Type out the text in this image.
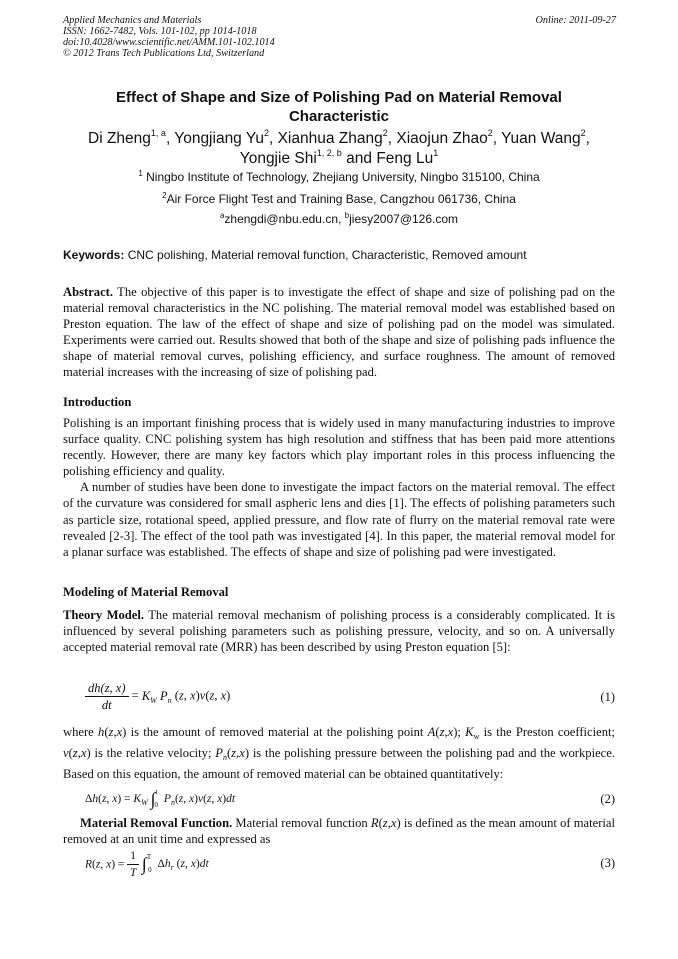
Applied Mechanics and Materials
ISSN: 1662-7482, Vols. 101-102, pp 1014-1018
doi:10.4028/www.scientific.net/AMM.101-102.1014
© 2012 Trans Tech Publications Ltd, Switzerland
Online: 2011-09-27
Effect of Shape and Size of Polishing Pad on Material Removal
Characteristic
Di Zheng$^{1, a}$, Yongjiang Yu$^2$, Xianhua Zhang$^2$, Xiaojun Zhao$^2$, Yuan Wang$^2$,
Yongjie Shi$^{1, 2, b}$ and Feng Lu$^1$
$^1$ Ningbo Institute of Technology, Zhejiang University, Ningbo 315100, China
$^2$Air Force Flight Test and Training Base, Cangzhou 061736, China
$^a$zhengdi@nbu.edu.cn, $^b$jiesy2007@126.com
Keywords: CNC polishing, Material removal function, Characteristic, Removed amount

Abstract. The objective of this paper is to investigate the effect of shape and size of polishing pad on the material removal characteristics in the NC polishing. The material removal model was established based on Preston equation. The law of the effect of shape and size of polishing pad on the model was simulated. Experiments were carried out. Results showed that both of the shape and size of polishing pads influence the shape of material removal curves, polishing efficiency, and surface roughness. The amount of removed material increases with the increasing of size of polishing pad.

Introduction

Polishing is an important finishing process that is widely used in many manufacturing industries to improve surface quality. CNC polishing system has high resolution and stiffness that has been paid more attentions recently. However, there are many key factors which play important roles in this process influencing the polishing efficiency and quality.

A number of studies have been done to investigate the impact factors on the material removal. The effect of the curvature was considered for small aspheric lens and dies [1]. The effects of polishing parameters such as particle size, rotational speed, applied pressure, and flow rate of flurry on the material removal rate were revealed [2-3]. The effect of the tool path was investigated [4]. In this paper, the material removal model for a planar surface was established. The effects of shape and size of polishing pad were investigated.

Modeling of Material Removal

Theory Model. The material removal mechanism of polishing process is a considerably complicated. It is influenced by several polishing parameters such as polishing pressure, velocity, and so on. A universally accepted material removal rate (MRR) has been described by using Preston equation [5]:

$\frac{dh(z, x)}{dt} = K_W$ $P_n$ (z, x)v(z, x)	(1)

where h(z,x) is the amount of removed material at the polishing point A(z,x); $K_w$ is the Preston coefficient; v(z,x) is the relative velocity; $P_n(z,x)$ is the polishing pressure between the polishing pad and the workpiece. Based on this equation, the amount of removed material can be obtained quantitatively:

Δh(z, $x) = K_W$ ∫$^t_0$ $P_n(z$, x)v(z, x)dt	(2)

Material Removal Function. Material removal function R(z,x) is defined as the mean amount of material removed at an unit time and expressed as

R(z, $x) = \frac{1}{T} \int^T_0$ $\Delta h_r$ (z, x)dt	(3)
